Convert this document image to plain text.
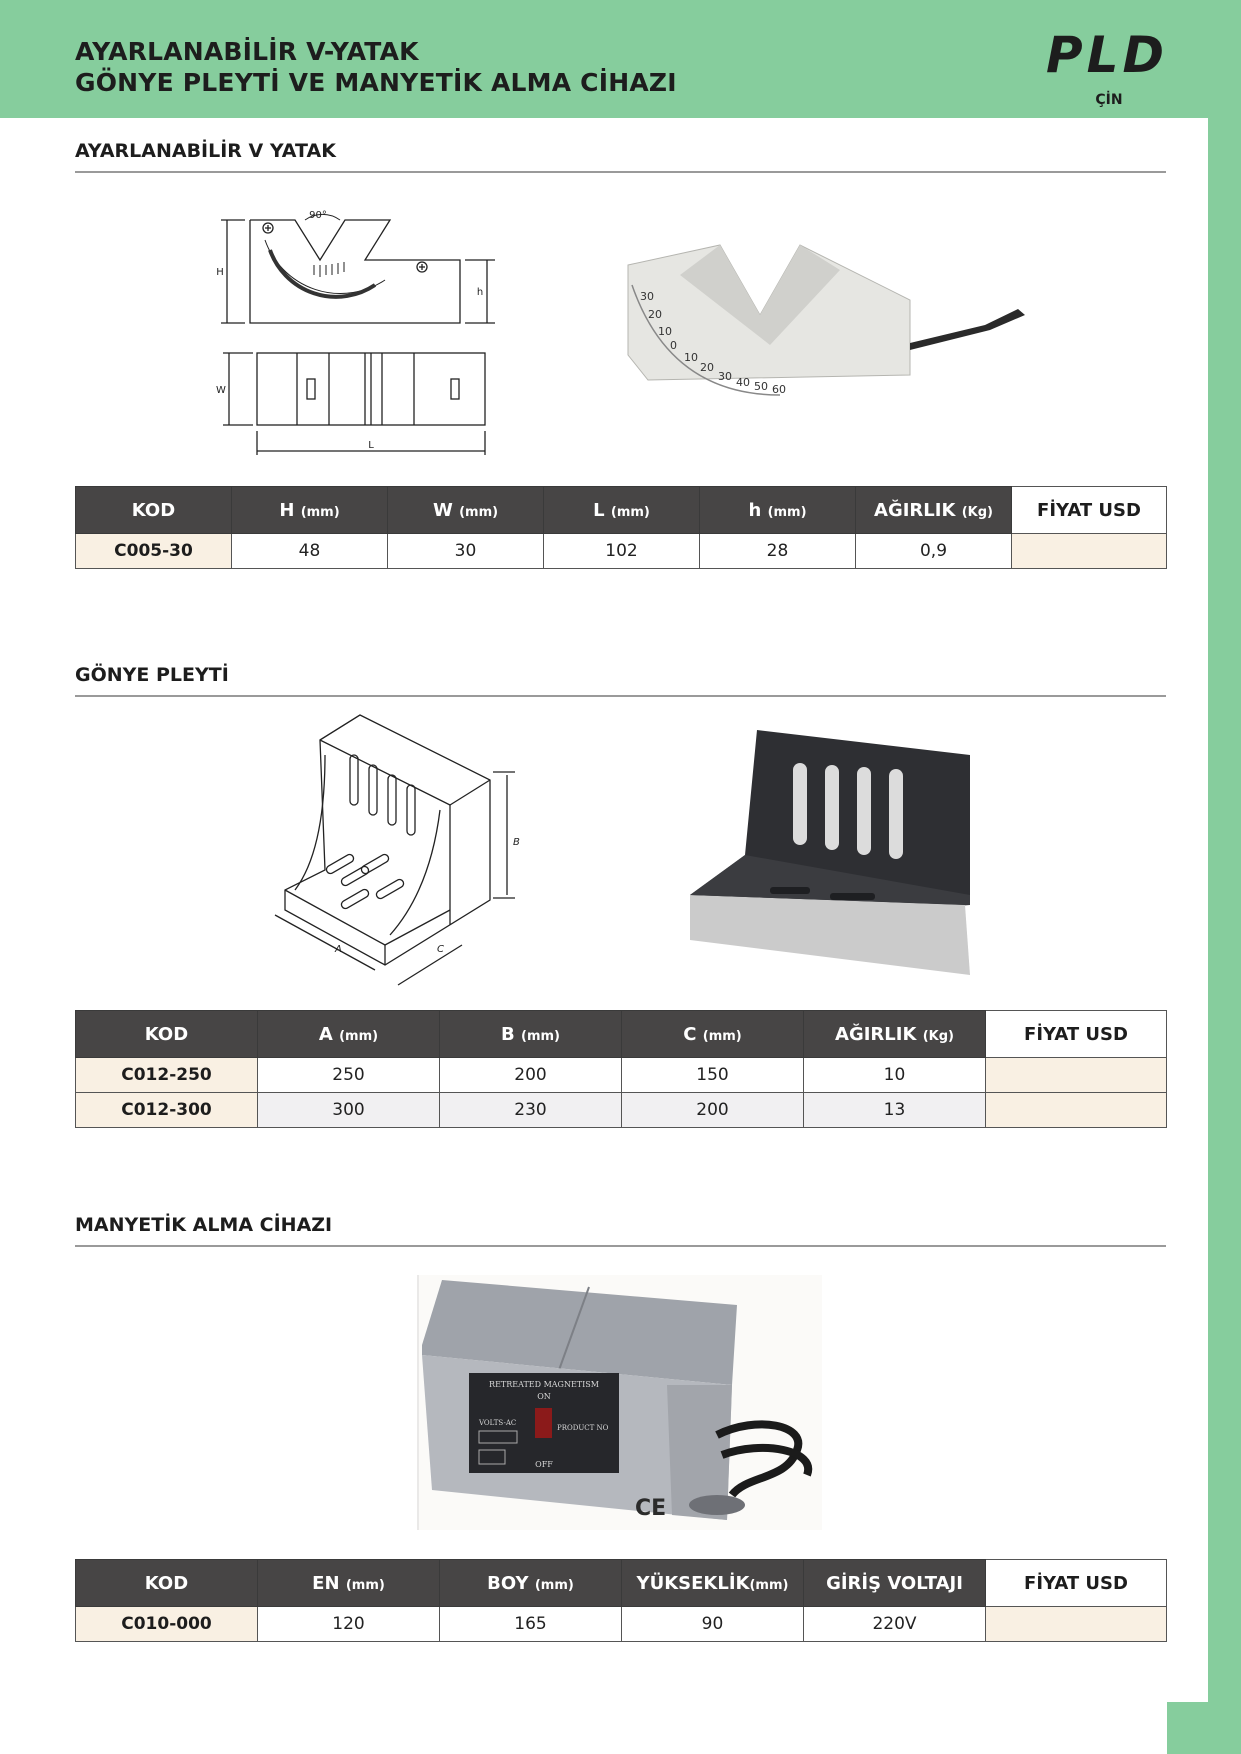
AYARLANABİLİR V-YATAK
GÖNYE PLEYTİ VE MANYETİK ALMA CİHAZI	PLD
ÇİN
AYARLANABİLİR V YATAK
90°
H
h
W
L
30
20
10
0
10
20
30 40 50 60
KOD	H (mm)	W (mm)	L (mm)	h (mm)	AĞIRLIK (Kg)	FİYAT USD
C005-30	48	30	102	28	0,9	
GÖNYE PLEYTİ
A
B
C
KOD	A (mm)	B (mm)	C (mm)	AĞIRLIK (Kg)	FİYAT USD
C012-250	250	200	150	10	
C012-300	300	230	200	13	
MANYETİK ALMA CİHAZI
RETREATED MAGNETISM
ON
VOLTS-AC
PRODUCT NO
OFF
CE
KOD	EN (mm)	BOY (mm)	YÜKSEKLİK(mm)	GİRİŞ VOLTAJI	FİYAT USD
C010-000	120	165	90	220V	
